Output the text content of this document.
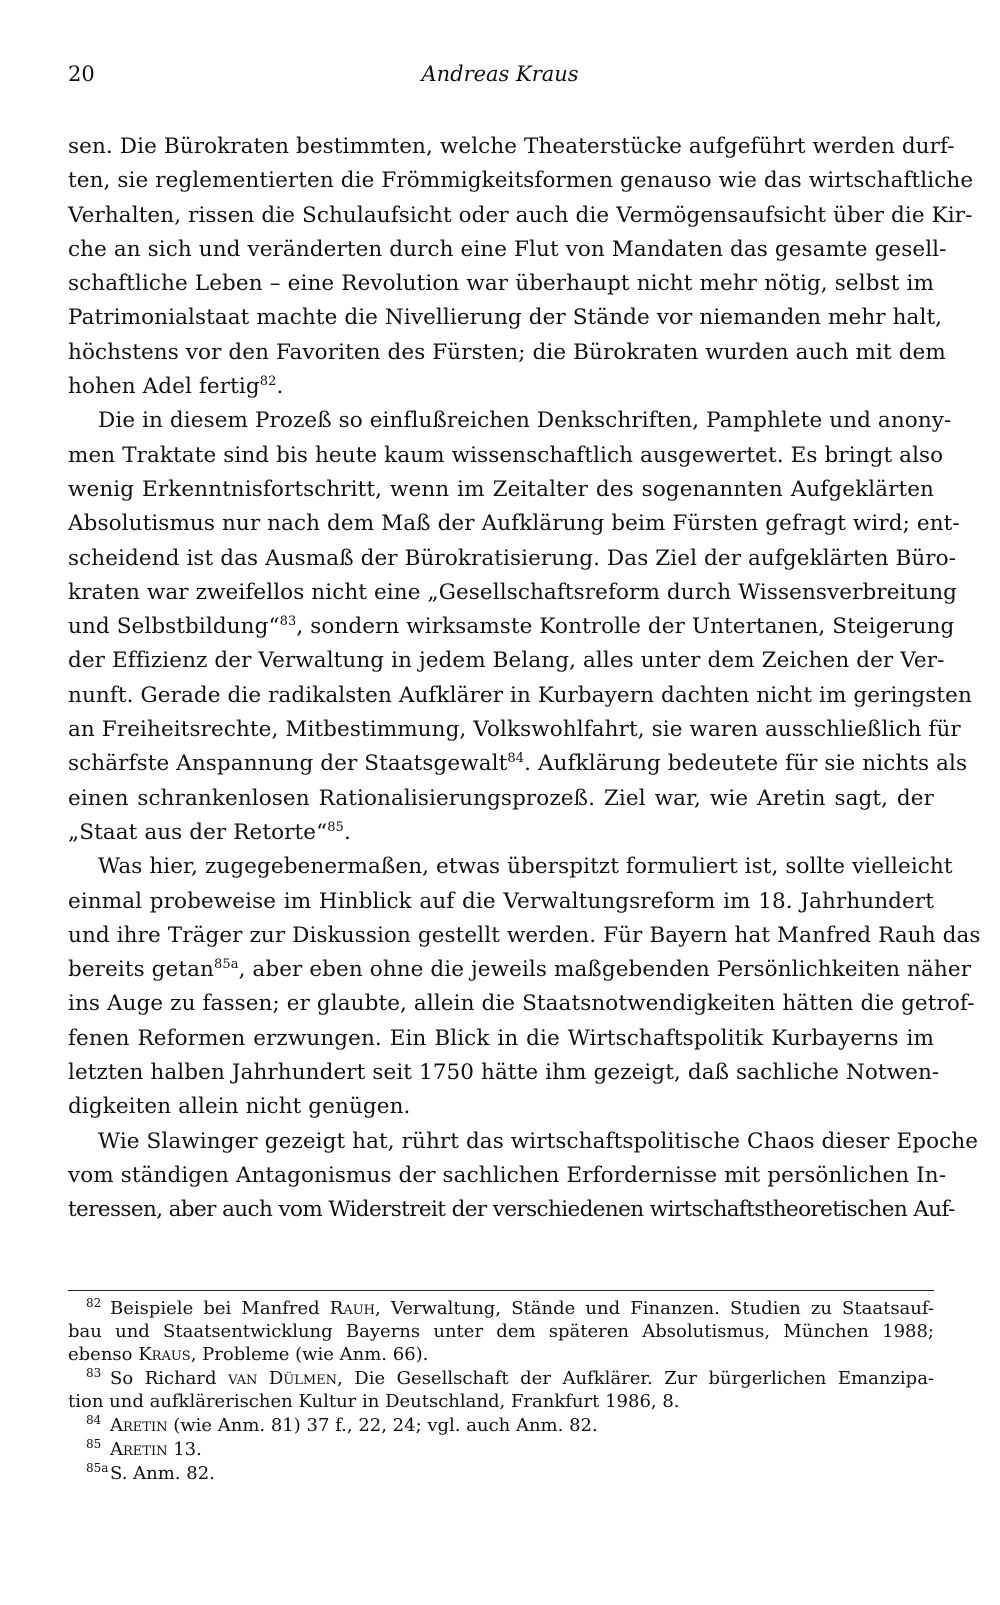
20	Andreas Kraus

sen. Die Bürokraten bestimmten, welche Theaterstücke aufgeführt werden durf-
ten, sie reglementierten die Frömmigkeitsformen genauso wie das wirtschaftliche
Verhalten, rissen die Schulaufsicht oder auch die Vermögensaufsicht über die Kir-
che an sich und veränderten durch eine Flut von Mandaten das gesamte gesell-
schaftliche Leben – eine Revolution war überhaupt nicht mehr nötig, selbst im
Patrimonialstaat machte die Nivellierung der Stände vor niemanden mehr halt,
höchstens vor den Favoriten des Fürsten; die Bürokraten wurden auch mit dem
hohen Adel fertig$^{82}$.

Die in diesem Prozeß so einflußreichen Denkschriften, Pamphlete und anony-
men Traktate sind bis heute kaum wissenschaftlich ausgewertet. Es bringt also
wenig Erkenntnisfortschritt, wenn im Zeitalter des sogenannten Aufgeklärten
Absolutismus nur nach dem Maß der Aufklärung beim Fürsten gefragt wird; ent-
scheidend ist das Ausmaß der Bürokratisierung. Das Ziel der aufgeklärten Büro-
kraten war zweifellos nicht eine „Gesellschaftsreform durch Wissensverbreitung
und Selbstbildung“$^{83}$, sondern wirksamste Kontrolle der Untertanen, Steigerung
der Effizienz der Verwaltung in jedem Belang, alles unter dem Zeichen der Ver-
nunft. Gerade die radikalsten Aufklärer in Kurbayern dachten nicht im geringsten
an Freiheitsrechte, Mitbestimmung, Volkswohlfahrt, sie waren ausschließlich für
schärfste Anspannung der Staatsgewalt$^{84}$. Aufklärung bedeutete für sie nichts als
einen schrankenlosen Rationalisierungsprozeß. Ziel war, wie Aretin sagt, der
„Staat aus der Retorte“$^{85}$.

Was hier, zugegebenermaßen, etwas überspitzt formuliert ist, sollte vielleicht
einmal probeweise im Hinblick auf die Verwaltungsreform im 18. Jahrhundert
und ihre Träger zur Diskussion gestellt werden. Für Bayern hat Manfred Rauh das
bereits getan$^{85a}$, aber eben ohne die jeweils maßgebenden Persönlichkeiten näher
ins Auge zu fassen; er glaubte, allein die Staatsnotwendigkeiten hätten die getrof-
fenen Reformen erzwungen. Ein Blick in die Wirtschaftspolitik Kurbayerns im
letzten halben Jahrhundert seit 1750 hätte ihm gezeigt, daß sachliche Notwen-
digkeiten allein nicht genügen.

Wie Slawinger gezeigt hat, rührt das wirtschaftspolitische Chaos dieser Epoche
vom ständigen Antagonismus der sachlichen Erfordernisse mit persönlichen In-
teressen, aber auch vom Widerstreit der verschiedenen wirtschaftstheoretischen Auf-

$^{82}$ Beispiele bei Manfred Rauh, Verwaltung, Stände und Finanzen. Studien zu Staatsauf-
bau und Staatsentwicklung Bayerns unter dem späteren Absolutismus, München 1988;
ebenso Kraus, Probleme (wie Anm. 66).
$^{83}$ So Richard van Dülmen, Die Gesellschaft der Aufklärer. Zur bürgerlichen Emanzipa-
tion und aufklärerischen Kultur in Deutschland, Frankfurt 1986, 8.
$^{84}$ Aretin (wie Anm. 81) 37 f., 22, 24; vgl. auch Anm. 82.
$^{85}$ Aretin 13.
$^{85a}$S. Anm. 82.
